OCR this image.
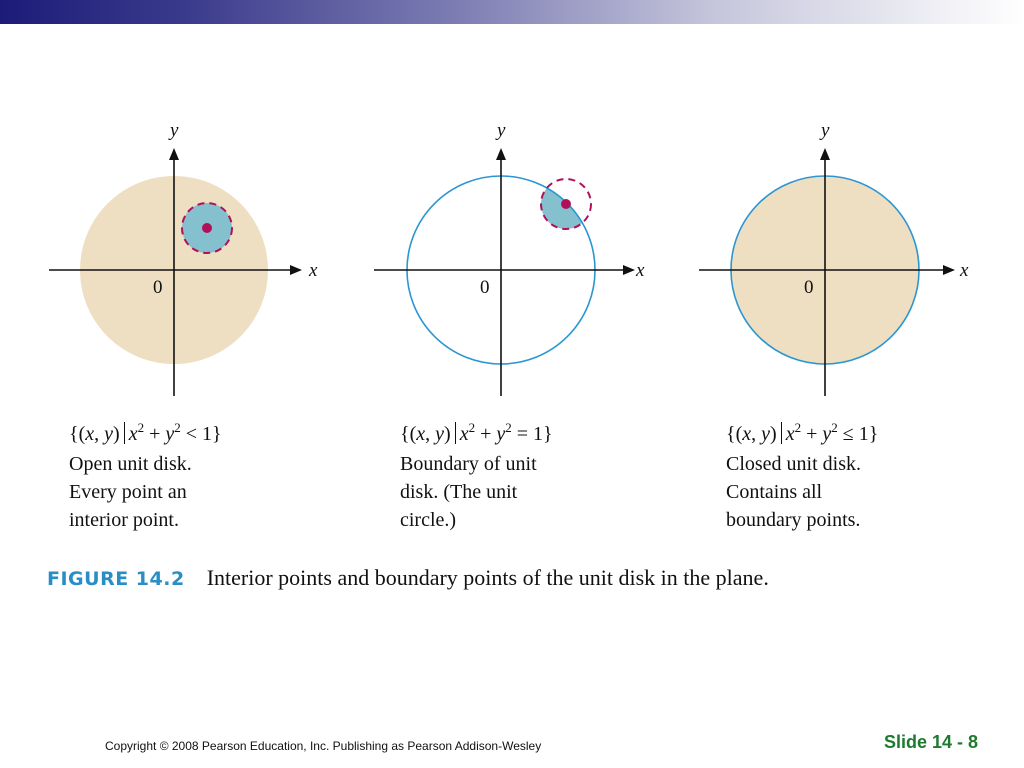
y
x
0
y
x
0
y
x
0
{(x, y) $x^2 + y^2 < 1$}
Open unit disk.
Every point an
interior point.
{(x, y) $x^2 + y^2 = 1$}
Boundary of unit
disk. (The unit
circle.)
{(x, y) $x^2 + y^2 \le 1$}
Closed unit disk.
Contains all
boundary points.
FIGURE 14.2 Interior points and boundary points of the unit disk in the plane.
Copyright © 2008 Pearson Education, Inc. Publishing as Pearson Addison-Wesley	Slide 14 - 8
